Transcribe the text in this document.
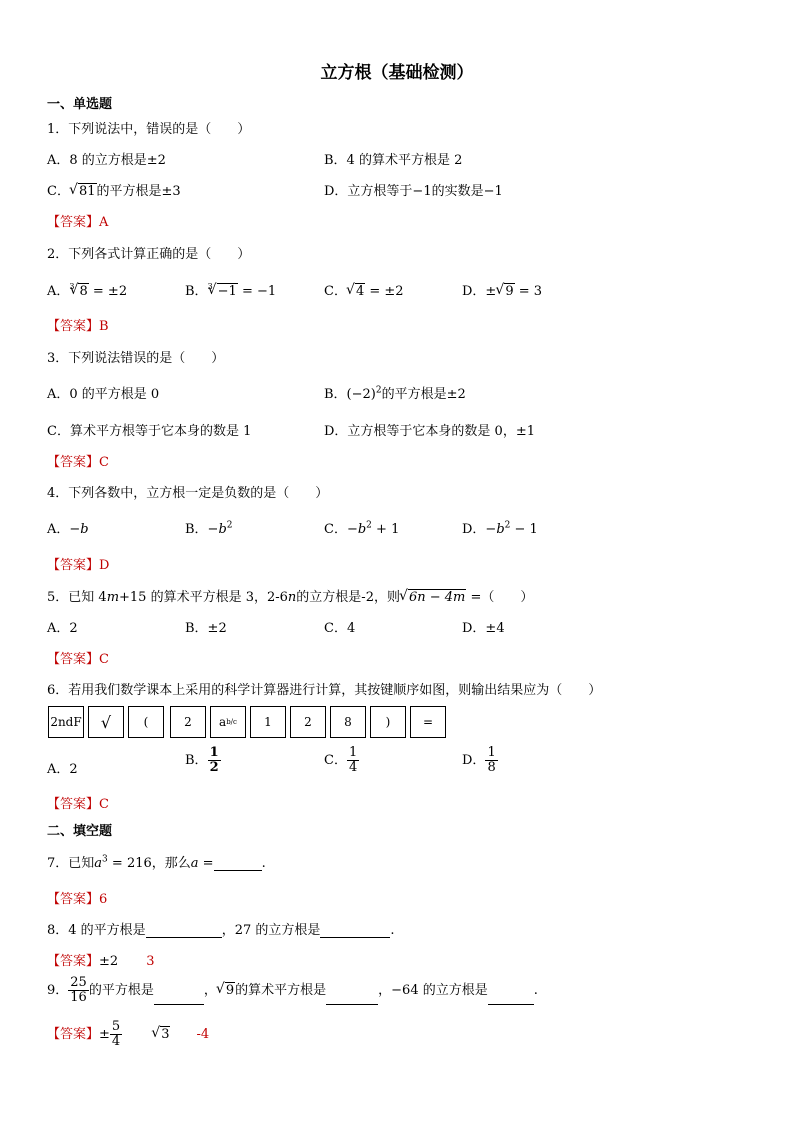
立方根（基础检测）
一、单选题
1．下列说法中，错误的是（　　）
A．8 的立方根是±2	B．4 的算术平方根是 2
C． √ 81的平方根是±3	D．立方根等于−1的实数是−1
【答案】A
2．下列各式计算正确的是（　　）
A．$^3$ √ 8 = ±2	B．$^3$ √ −1 = −1	C． √ 4 = ±2	D．± √ 9 = 3
【答案】B
3．下列说法错误的是（　　）
A．0 的平方根是 0	B．$(-2)^2$的平方根是±2
C．算术平方根等于它本身的数是 1	D．立方根等于它本身的数是 0，±1
【答案】C
4．下列各数中，立方根一定是负数的是（　　）
A．−b	B．$-b^2$	C．$-b^2 + 1$	D．$-b^2 - 1$
【答案】D
5．已知 4m+15 的算术平方根是 3，2-6n的立方根是-2，则 √ 6n − 4m =（　　）
A．2	B．±2	C．4	D．±4
【答案】C
6．若用我们数学课本上采用的科学计算器进行计算，其按键顺序如图，则输出结果应为（　　）
2ndF √	(	2	a b/c	1	2	8	)	=
A．2
B． $\frac{1}{2}$	C． $\frac{1}{4}$	D． $\frac{1}{8}$
【答案】C
二、填空题
7．已知$a^3 = 216$，那么a =	.
【答案】6
8．4 的平方根是	，27 的立方根是	.
【答案】±2 3
9． $\frac{25}{16}$ 的平方根是	， √ 9的算术平方根是	，−64 的立方根是	.
【答案】± $\frac{5}{4}$	√ 3 -4
